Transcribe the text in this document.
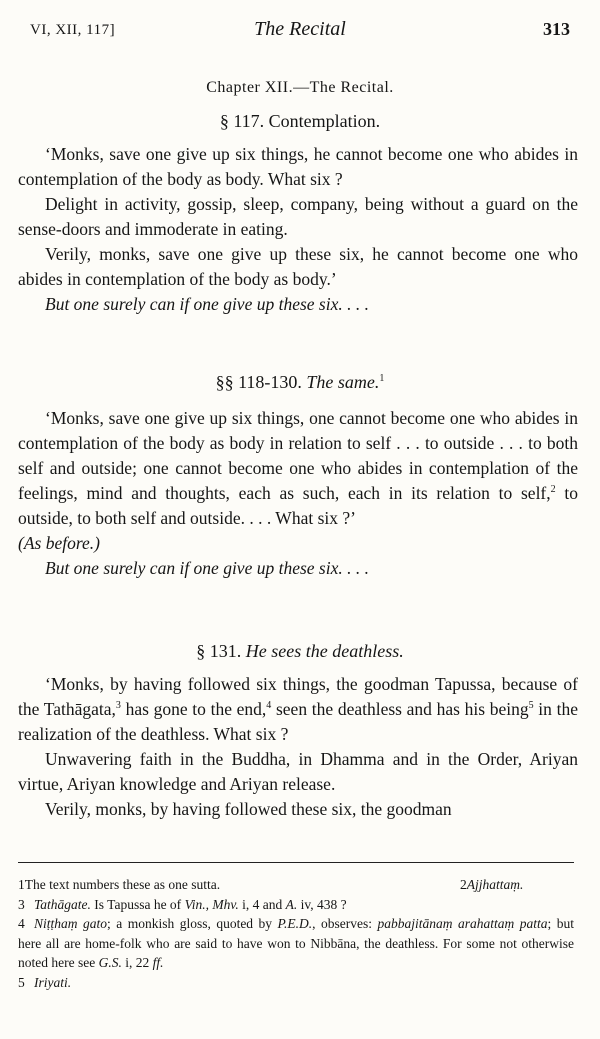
VI, XII, 117]	The Recital	313
Chapter XII.—The Recital.
§ 117. Contemplation.

‘Monks, save one give up six things, he cannot become one who abides in contemplation of the body as body. What six ?

Delight in activity, gossip, sleep, company, being without a guard on the sense-doors and immoderate in eating.

Verily, monks, save one give up these six, he cannot become one who abides in contemplation of the body as body.’

But one surely can if one give up these six. . . .

§§ 118-130. The same.$^1$

‘Monks, save one give up six things, one cannot become one who abides in contemplation of the body as body in relation to self . . . to outside . . . to both self and outside; one cannot become one who abides in contemplation of the feelings, mind and thoughts, each as such, each in its relation to self,$^2$ to outside, to both self and outside. . . . What six ?’

(As before.)

But one surely can if one give up these six. . . .

§ 131. He sees the deathless.

‘Monks, by having followed six things, the goodman Tapussa, because of the Tathāgata,$^3$ has gone to the end,$^4$ seen the deathless and has his being$^5$ in the realization of the deathless. What six ?

Unwavering faith in the Buddha, in Dhamma and in the Order, Ariyan virtue, Ariyan knowledge and Ariyan release.

Verily, monks, by having followed these six, the goodman

1The text numbers these as one sutta.	2Ajjhattaṃ.

3 Tathāgate. Is Tapussa he of Vin., Mhv. i, 4 and A. iv, 438 ?

4 Niṭṭhaṃ gato; a monkish gloss, quoted by P.E.D., observes: pabbajitānaṃ arahattaṃ patta; but here all are home-folk who are said to have won to Nibbāna, the deathless. For some not otherwise noted here see G.S. i, 22 ff.

5 Iriyati.
